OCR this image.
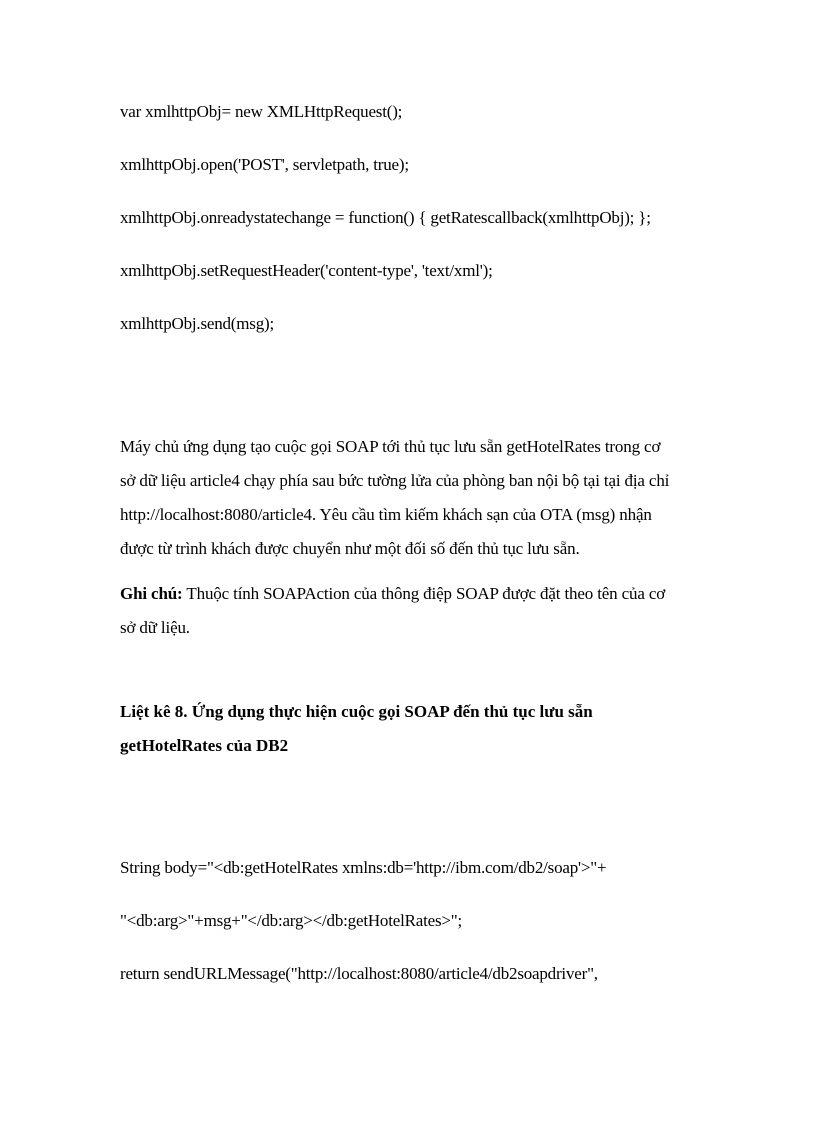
var xmlhttpObj= new XMLHttpRequest();

xmlhttpObj.open('POST', servletpath, true);

xmlhttpObj.onreadystatechange = function() { getRatescallback(xmlhttpObj); };

xmlhttpObj.setRequestHeader('content-type', 'text/xml');

xmlhttpObj.send(msg);

Máy chủ ứng dụng tạo cuộc gọi SOAP tới thủ tục lưu sẵn getHotelRates trong cơ
sở dữ liệu article4 chạy phía sau bức tường lửa của phòng ban nội bộ tại tại địa chỉ
http://localhost:8080/article4. Yêu cầu tìm kiếm khách sạn của OTA (msg) nhận
được từ trình khách được chuyển như một đối số đến thủ tục lưu sẵn.
Ghi chú: Thuộc tính SOAPAction của thông điệp SOAP được đặt theo tên của cơ
sở dữ liệu.
Liệt kê 8. Ứng dụng thực hiện cuộc gọi SOAP đến thủ tục lưu sẵn
getHotelRates của DB2

String body="<db:getHotelRates xmlns:db='http://ibm.com/db2/soap'>"+

"<db:arg>"+msg+"</db:arg></db:getHotelRates>";

return sendURLMessage("http://localhost:8080/article4/db2soapdriver",
